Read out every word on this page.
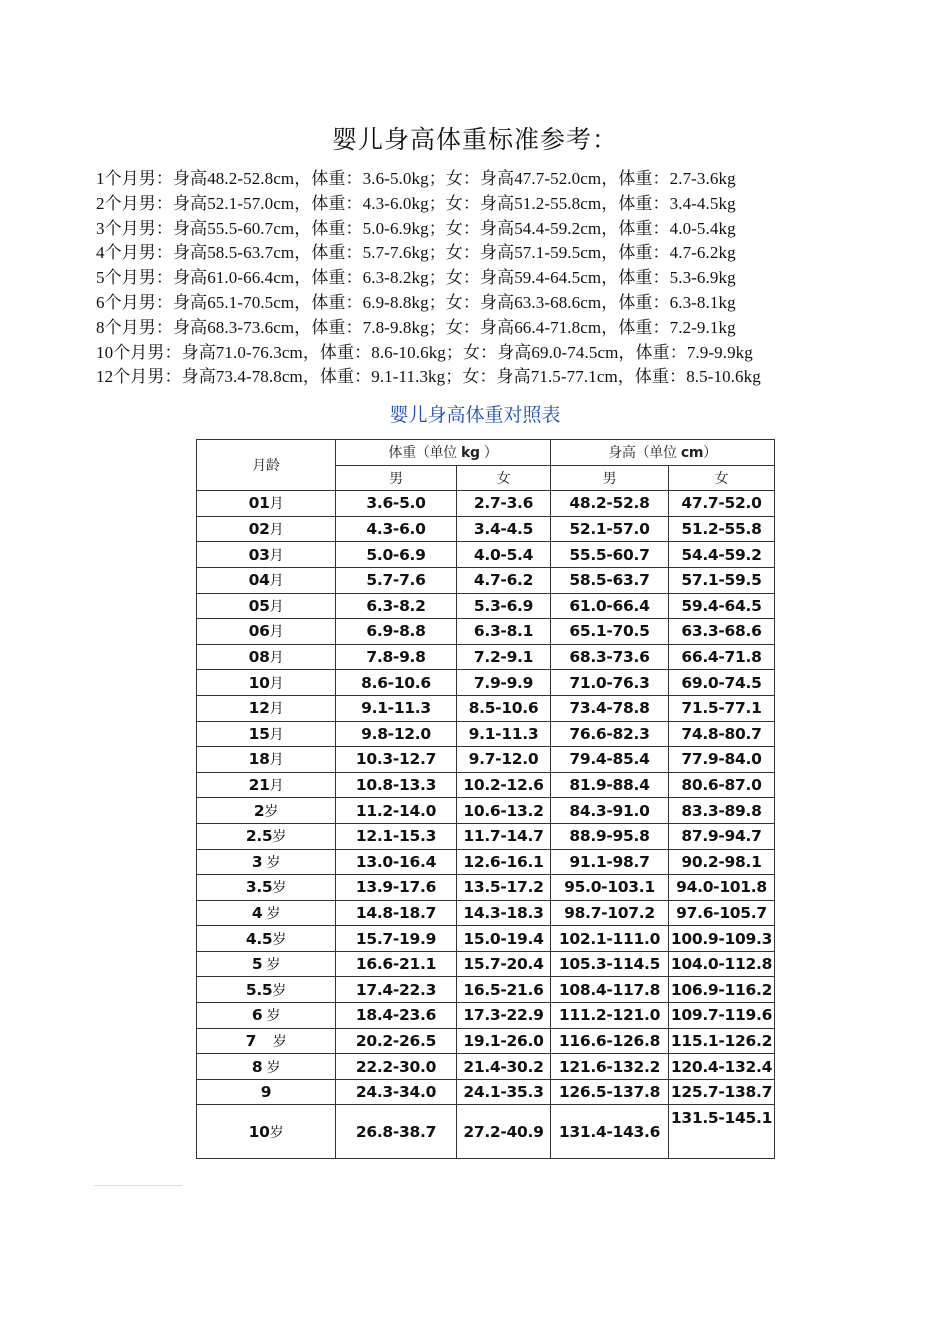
婴儿身高体重标准参考：
1个月男：身高48.2-52.8cm，体重：3.6-5.0kg；女：身高47.7-52.0cm，体重：2.7-3.6kg
2个月男：身高52.1-57.0cm，体重：4.3-6.0kg；女：身高51.2-55.8cm，体重：3.4-4.5kg
3个月男：身高55.5-60.7cm，体重：5.0-6.9kg；女：身高54.4-59.2cm，体重：4.0-5.4kg
4个月男：身高58.5-63.7cm，体重：5.7-7.6kg；女：身高57.1-59.5cm，体重：4.7-6.2kg
5个月男：身高61.0-66.4cm，体重：6.3-8.2kg；女：身高59.4-64.5cm，体重：5.3-6.9kg
6个月男：身高65.1-70.5cm，体重：6.9-8.8kg；女：身高63.3-68.6cm，体重：6.3-8.1kg
8个月男：身高68.3-73.6cm，体重：7.8-9.8kg；女：身高66.4-71.8cm，体重：7.2-9.1kg
10个月男：身高71.0-76.3cm，体重：8.6-10.6kg；女：身高69.0-74.5cm，体重：7.9-9.9kg
12个月男：身高73.4-78.8cm，体重：9.1-11.3kg；女：身高71.5-77.1cm，体重：8.5-10.6kg
婴儿身高体重对照表
月龄	体重（单位 kg ）		身高（单位 cm）	
	男	女	男	女
01月	3.6-5.0	2.7-3.6	48.2-52.8	47.7-52.0
02月	4.3-6.0	3.4-4.5	52.1-57.0	51.2-55.8
03月	5.0-6.9	4.0-5.4	55.5-60.7	54.4-59.2
04月	5.7-7.6	4.7-6.2	58.5-63.7	57.1-59.5
05月	6.3-8.2	5.3-6.9	61.0-66.4	59.4-64.5
06月	6.9-8.8	6.3-8.1	65.1-70.5	63.3-68.6
08月	7.8-9.8	7.2-9.1	68.3-73.6	66.4-71.8
10月	8.6-10.6	7.9-9.9	71.0-76.3	69.0-74.5
12月	9.1-11.3	8.5-10.6	73.4-78.8	71.5-77.1
15月	9.8-12.0	9.1-11.3	76.6-82.3	74.8-80.7
18月	10.3-12.7	9.7-12.0	79.4-85.4	77.9-84.0
21月	10.8-13.3	10.2-12.6	81.9-88.4	80.6-87.0
2岁	11.2-14.0	10.6-13.2	84.3-91.0	83.3-89.8
2.5岁	12.1-15.3	11.7-14.7	88.9-95.8	87.9-94.7
3 岁	13.0-16.4	12.6-16.1	91.1-98.7	90.2-98.1
3.5岁	13.9-17.6	13.5-17.2	95.0-103.1	94.0-101.8
4 岁	14.8-18.7	14.3-18.3	98.7-107.2	97.6-105.7
4.5岁	15.7-19.9	15.0-19.4	102.1-111.0	100.9-109.3
5 岁	16.6-21.1	15.7-20.4	105.3-114.5	104.0-112.8
5.5岁	17.4-22.3	16.5-21.6	108.4-117.8	106.9-116.2
6 岁	18.4-23.6	17.3-22.9	111.2-121.0	109.7-119.6
7    岁	20.2-26.5	19.1-26.0	116.6-126.8	115.1-126.2
8 岁	22.2-30.0	21.4-30.2	121.6-132.2	120.4-132.4
9	24.3-34.0	24.1-35.3	126.5-137.8	125.7-138.7
10岁	26.8-38.7	27.2-40.9	131.4-143.6	131.5-145.1
